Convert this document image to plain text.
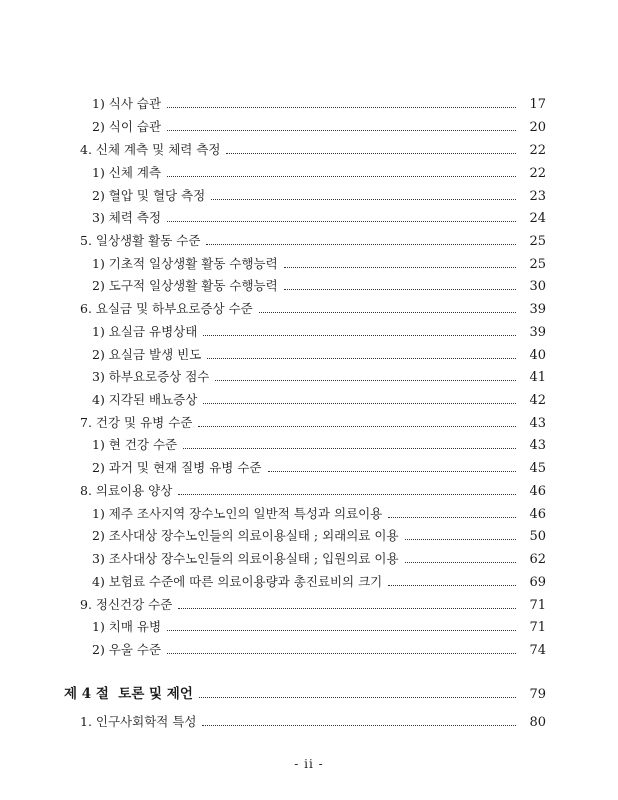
1) 식사 습관	17
2) 식이 습관	20
4. 신체 계측 및 체력 측정	22
1) 신체 계측	22
2) 혈압 및 혈당 측정	23
3) 체력 측정	24
5. 일상생활 활동 수준	25
1) 기초적 일상생활 활동 수행능력	25
2) 도구적 일상생활 활동 수행능력	30
6. 요실금 및 하부요로증상 수준	39
1) 요실금 유병상태	39
2) 요실금 발생 빈도	40
3) 하부요로증상 점수	41
4) 지각된 배뇨증상	42
7. 건강 및 유병 수준	43
1) 현 건강 수준	43
2) 과거 및 현재 질병 유병 수준	45
8. 의료이용 양상	46
1) 제주 조사지역 장수노인의 일반적 특성과 의료이용	46
2) 조사대상 장수노인들의 의료이용실태 ; 외래의료 이용	50
3) 조사대상 장수노인들의 의료이용실태 ; 입원의료 이용	62
4) 보험료 수준에 따른 의료이용량과 총진료비의 크기	69
9. 정신건강 수준	71
1) 치매 유병	71
2) 우울 수준	74
제 4 절  토론 및 제언	79
1. 인구사회학적 특성	80
- ii -
